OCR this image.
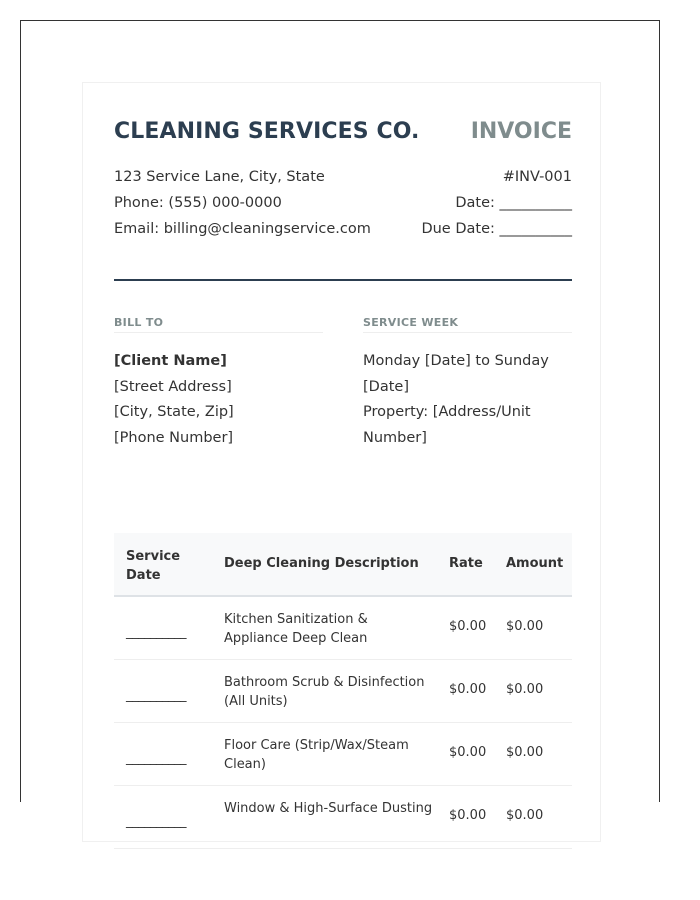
CLEANING SERVICES CO. INVOICE
123 Service Lane, City, State
Phone: (555) 000-0000
Email: billing@cleaningservice.com
#INV-001
Date: __________
Due Date: __________
BILL TO	SERVICE WEEK
[Client Name]
[Street Address]
[City, State, Zip]
[Phone Number]
Monday [Date] to Sunday
[Date]
Property: [Address/Unit
Number]
Service Date
Deep Cleaning Description Rate Amount
__________
Kitchen Sanitization & Appliance Deep Clean
$0.00 $0.00
__________
Bathroom Scrub & Disinfection (All Units)
$0.00 $0.00
__________
Floor Care (Strip/Wax/Steam Clean)
$0.00 $0.00
__________
Window & High-Surface Dusting $0.00 $0.00
